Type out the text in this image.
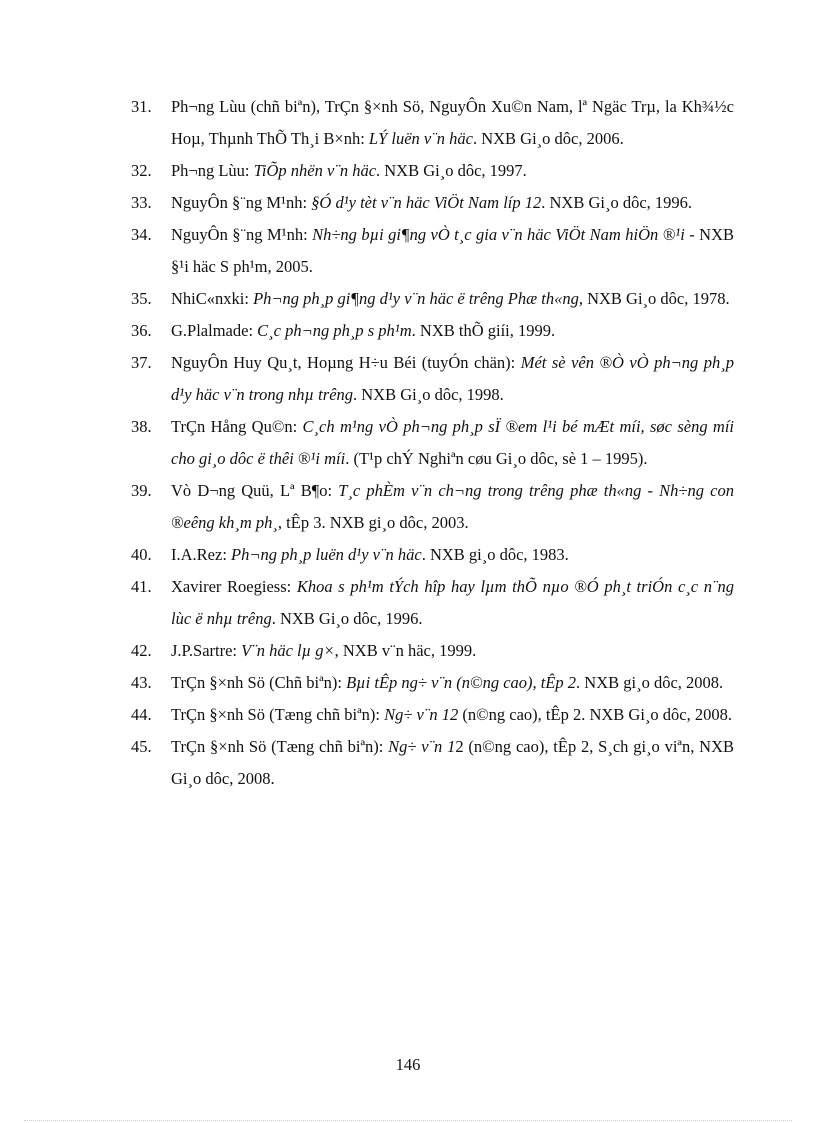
31.	Ph¬ng Lùu (chñ biªn), TrÇn §×nh Sö, NguyÔn Xu©n Nam, lª Ngäc Trµ, la Kh¾½c Hoµ, Thµnh ThÕ Th¸i B×nh: LÝ luën v¨n häc. NXB Gi¸o dôc, 2006.
32.	Ph¬ng Lùu: TiÕp nhën v¨n häc. NXB Gi¸o dôc, 1997.
33.	NguyÔn §¨ng M¹nh: §Ó d¹y tèt v¨n häc ViÖt Nam líp 12. NXB Gi¸o dôc, 1996.
34.	NguyÔn §¨ng M¹nh: Nh÷ng bµi gi¶ng vÒ t¸c gia v¨n häc ViÖt Nam hiÖn ®¹i - NXB §¹i häc S ph¹m, 2005.
35.	NhiC«nxki: Ph¬ng ph¸p gi¶ng d¹y v¨n häc ë trêng Phæ th«ng, NXB Gi¸o dôc, 1978.
36.	G.Plalmade: C¸c ph¬ng ph¸p s ph¹m. NXB thÕ giíi, 1999.
37.	NguyÔn Huy Qu¸t, Hoµng H÷u Béi (tuyÓn chän): Mét sè vên ®Ò vÒ ph¬ng ph¸p d¹y häc v¨n trong nhµ trêng. NXB Gi¸o dôc, 1998.
38.	TrÇn Hång Qu©n: C¸ch m¹ng vÒ ph¬ng ph¸p sÏ ®em l¹i bé mÆt míi, søc sèng míi cho gi¸o dôc ë thêi ®¹i míi. (T¹p chÝ Nghiªn cøu Gi¸o dôc, sè 1 – 1995).
39.	Vò D¬ng Quü, Lª B¶o: T¸c phÈm v¨n ch¬ng trong trêng phæ th«ng - Nh÷ng con ®eêng kh¸m ph¸, tÊp 3. NXB gi¸o dôc, 2003.
40.	I.A.Rez: Ph¬ng ph¸p luën d¹y v¨n häc. NXB gi¸o dôc, 1983.
41.	Xavirer Roegiess: Khoa s ph¹m tÝch hîp hay lµm thÕ nµo ®Ó ph¸t triÓn c¸c n¨ng lùc ë nhµ trêng. NXB Gi¸o dôc, 1996.
42.	J.P.Sartre: V¨n häc lµ g×, NXB v¨n häc, 1999.
43.	TrÇn §×nh Sö (Chñ biªn): Bµi tÊp ng÷ v¨n (n©ng cao), tÊp 2. NXB gi¸o dôc, 2008.
44.	TrÇn §×nh Sö (Tæng chñ biªn): Ng÷ v¨n 12 (n©ng cao), tÊp 2. NXB Gi¸o dôc, 2008.
45.	TrÇn §×nh Sö (Tæng chñ biªn): Ng÷ v¨n 12 (n©ng cao), tÊp 2, S¸ch gi¸o viªn, NXB Gi¸o dôc, 2008.
146
